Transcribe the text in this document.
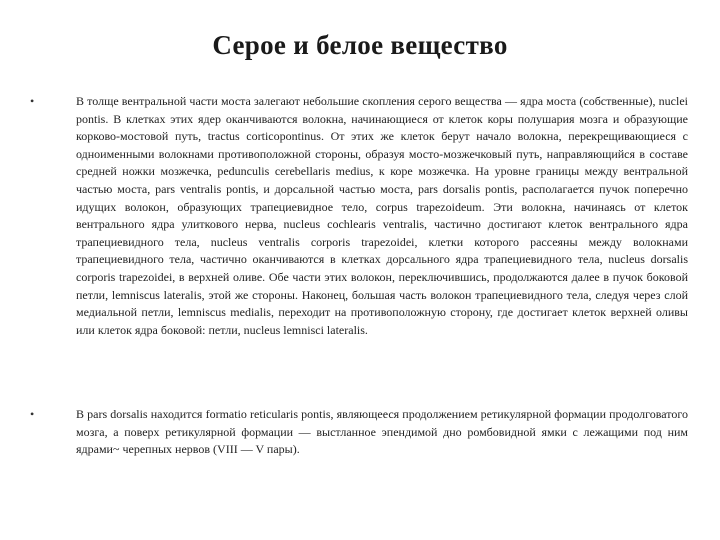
Серое и белое вещество
•	В толще вентральной части моста залегают небольшие скопления серого вещества — ядра моста (собственные), nuclei pontis. В клетках этих ядер оканчиваются волокна, начинающиеся от клеток коры полушария мозга и образующие корково-мостовой путь, tractus corticopontinus. От этих же клеток берут начало волокна, перекрещивающиеся с одноименными волокнами противоположной стороны, образуя мосто-мозжечковый путь, направляющийся в составе средней ножки мозжечка, pedunculis cerebellaris medius, к коре мозжечка. На уровне границы между вентральной частью моста, pars ventralis pontis, и дорсальной частью моста, pars dorsalis pontis, располагается пучок поперечно идущих волокон, образующих трапециевидное тело, corpus trapezoideum. Эти волокна, начинаясь от клеток вентрального ядра улиткового нерва, nucleus cochlearis ventralis, частично достигают клеток вентрального ядра трапециевидного тела, nucleus ventralis corporis trapezoidei, клетки которого рассеяны между волокнами трапециевидного тела, частично оканчиваются в клетках дорсального ядра трапециевидного тела, nucleus dorsalis corporis trapezoidei, в верхней оливе. Обе части этих волокон, переключившись, продолжаются далее в пучок боковой петли, lemniscus lateralis, этой же стороны. Наконец, большая часть волокон трапециевидного тела, следуя через слой медиальной петли, lemniscus medialis, переходит на противоположную сторону, где достигает клеток верхней оливы или клеток ядра боковой: петли, nucleus lemnisci lateralis.
•	В pars dorsalis находится formatio reticularis pontis, являющееся продолжением ретикулярной формации продолговатого мозга, а поверх ретикулярной формации — выстланное эпендимой дно ромбовидной ямки с лежащими под ним ядрами~ черепных нервов (VIII — V пары).
